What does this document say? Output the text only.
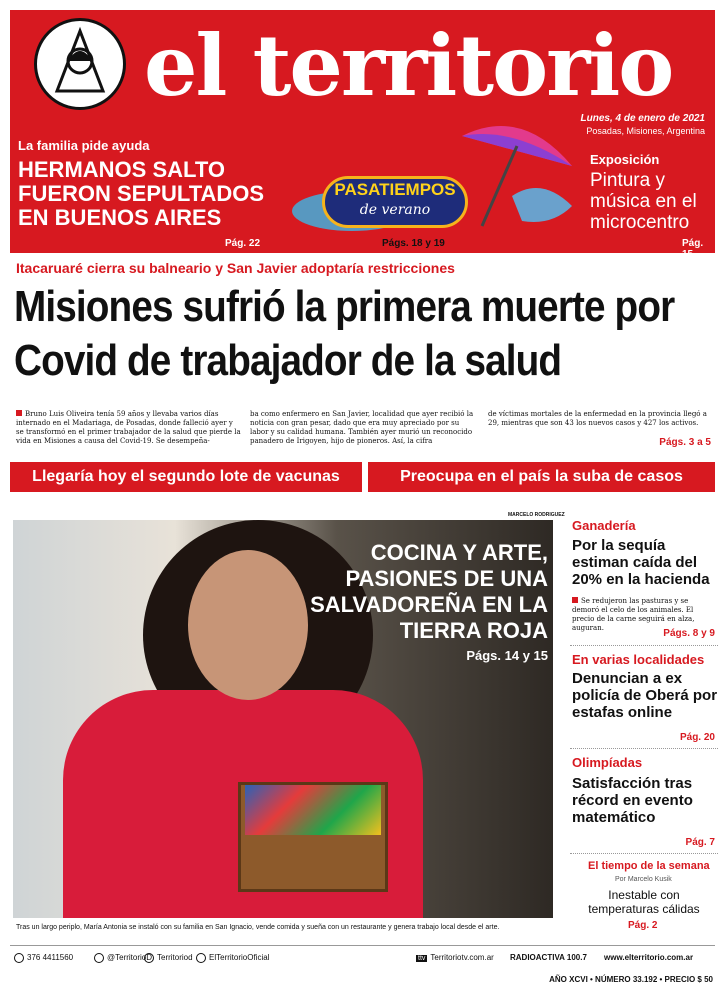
el territorio
Lunes, 4 de enero de 2021
Posadas, Misiones, Argentina
La familia pide ayuda
HERMANOS SALTO FUERON SEPULTADOS EN BUENOS AIRES
Pág. 22
PASATIEMPOS
de verano
Págs. 18 y 19
Exposición
Pintura y música en el microcentro
Pág. 15
Itacaruaré cierra su balneario y San Javier adoptaría restricciones
Misiones sufrió la primera muerte por Covid de trabajador de la salud
Bruno Luis Oliveira tenía 59 años y llevaba varios días internado en el Madariaga, de Posadas, donde falleció ayer y se transformó en el primer trabajador de la salud que pierde la vida en Misiones a causa del Covid-19. Se desempeña-
ba como enfermero en San Javier, localidad que ayer recibió la noticia con gran pesar, dado que era muy apreciado por su labor y su calidad humana. También ayer murió un reconocido panadero de Irigoyen, hijo de pioneros. Así, la cifra
de víctimas mortales de la enfermedad en la provincia llegó a 29, mientras que son 43 los nuevos casos y 427 los activos.
Págs. 3 a 5
Llegaría hoy el segundo lote de vacunas	Preocupa en el país la suba de casos
MARCELO RODRIGUEZ
COCINA Y ARTE, PASIONES DE UNA SALVADOREÑA EN LA TIERRA ROJA
Págs. 14 y 15
Tras un largo periplo, María Antonia se instaló con su familia en San Ignacio, vende comida y sueña con un restaurante y genera trabajo local desde el arte.
Ganadería
Por la sequía estiman caída del 20% en la hacienda
Se redujeron las pasturas y se demoró el celo de los animales. El precio de la carne seguirá en alza, auguran.	Págs. 8 y 9
En varias localidades
Denuncian a ex policía de Oberá por estafas online
Pág. 20
Olimpíadas
Satisfacción tras récord en evento matemático
Pág. 7
El tiempo de la semana
Por Marcelo Kusik
Inestable con temperaturas cálidas
Pág. 2
376 4411560	@TerritorioD Territoriod	ElTerritorioOficial	ttv Territoriotv.com.ar RADIOACTIVA 100.7 www.elterritorio.com.ar
AÑO XCVI • NÚMERO 33.192 • PRECIO $ 50
